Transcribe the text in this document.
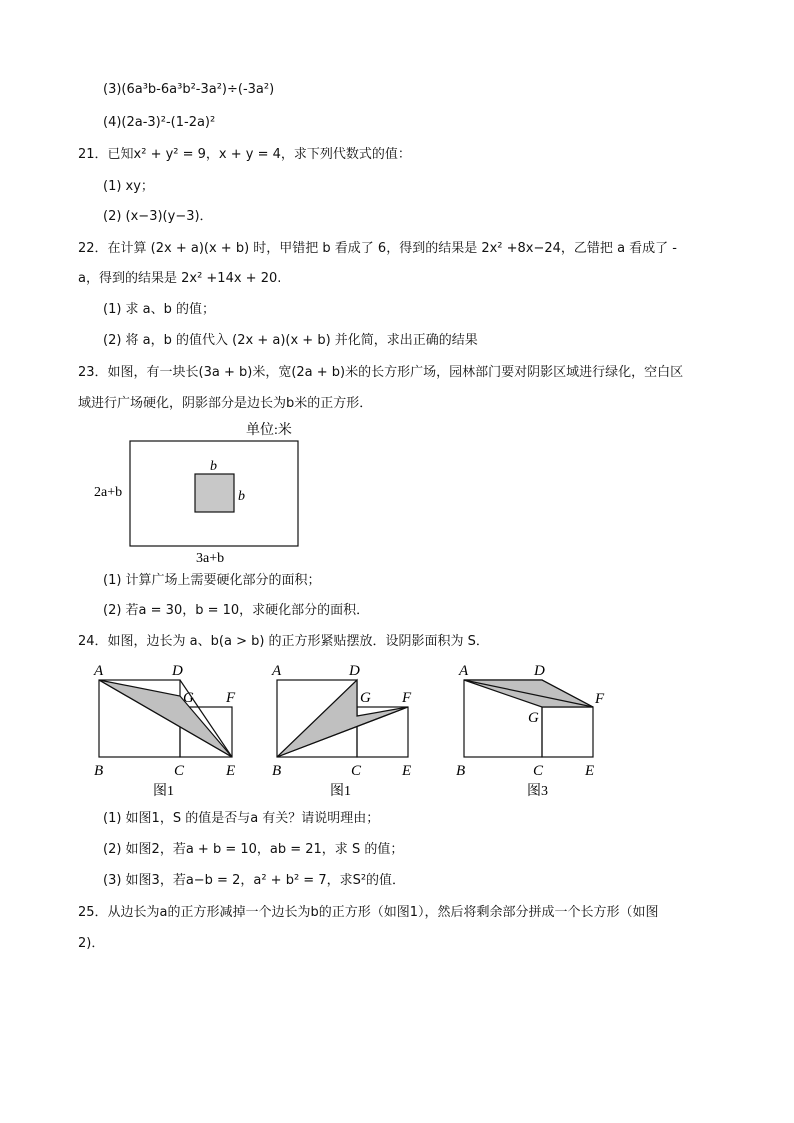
(3)(6a³b-6a³b²-3a²)÷(-3a²)
(4)(2a-3)²-(1-2a)²
21．已知x² + y² = 9，x + y = 4，求下列代数式的值：
(1) xy；
(2) (x−3)(y−3)．
22．在计算 (2x + a)(x + b) 时，甲错把 b 看成了 6，得到的结果是 2x² +8x−24，乙错把 a 看成了 -
a，得到的结果是 2x² +14x + 20.
(1) 求 a、b 的值；
(2) 将 a，b 的值代入 (2x + a)(x + b) 并化简，求出正确的结果
23．如图，有一块长(3a + b)米，宽(2a + b)米的长方形广场，园林部门要对阴影区域进行绿化，空白区
域进行广场硬化，阴影部分是边长为b米的正方形．
单位:米
b
b
2a+b
3a+b
(1) 计算广场上需要硬化部分的面积；
(2) 若a = 30，b = 10，求硬化部分的面积．
24．如图，边长为 a、b(a > b) 的正方形紧贴摆放．设阴影面积为 S．
A	D
G F
B	C	E
图1
A	D
G F
B	C	E
图1
A	D
G
F
B	C	E
图3
(1) 如图1，S 的值是否与a 有关？请说明理由；
(2) 如图2，若a + b = 10，ab = 21，求 S 的值；
(3) 如图3，若a−b = 2，a² + b² = 7，求S²的值．
25．从边长为a的正方形减掉一个边长为b的正方形（如图1），然后将剩余部分拼成一个长方形（如图
2)．
